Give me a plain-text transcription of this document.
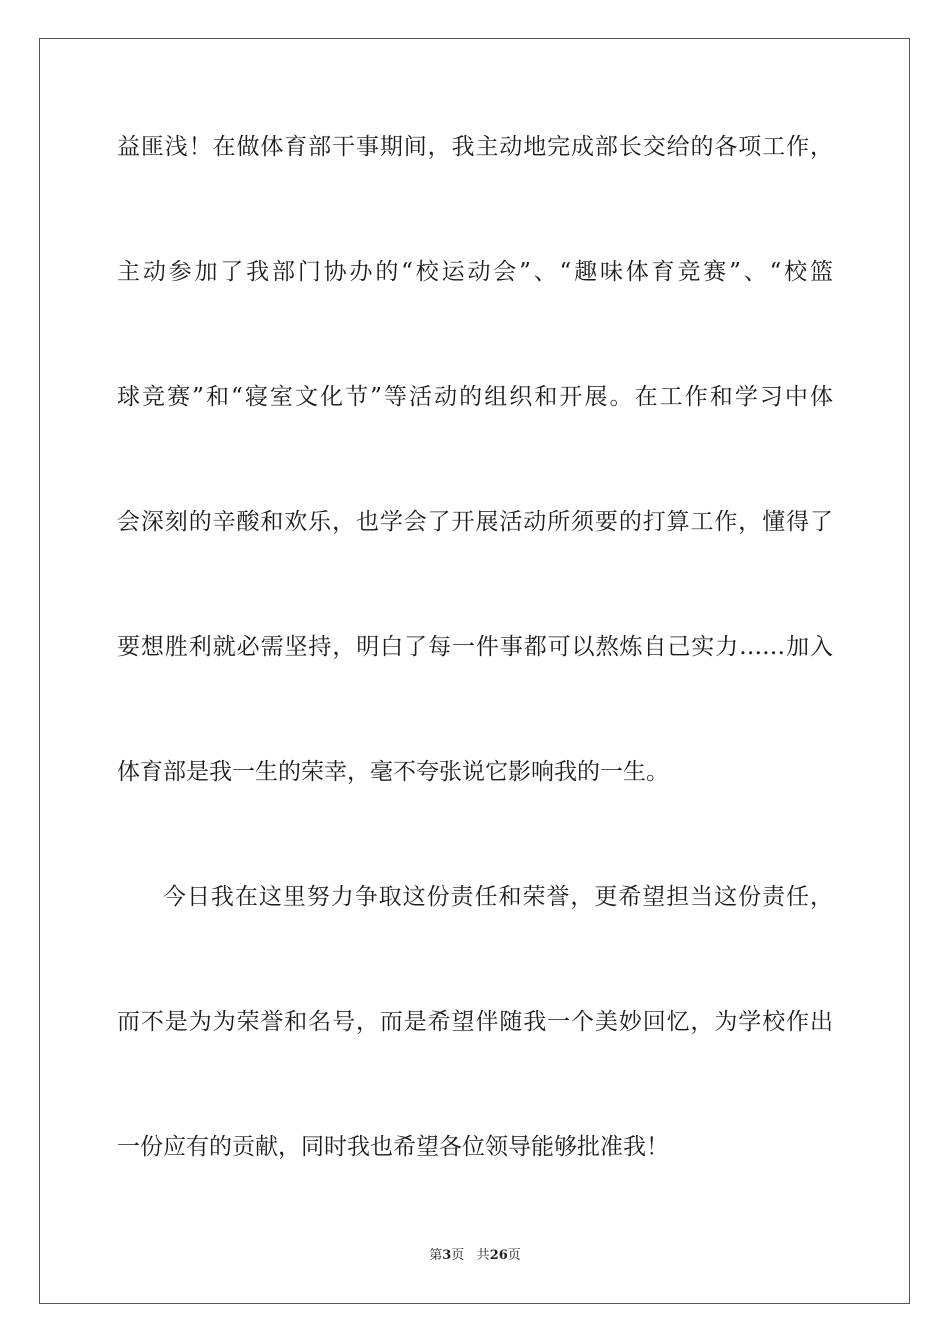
益匪浅！在做体育部干事期间，我主动地完成部长交给的各项工作，
主动参加了我部门协办的“校运动会”、“趣味体育竞赛”、“校篮
球竞赛”和“寝室文化节”等活动的组织和开展。在工作和学习中体
会深刻的辛酸和欢乐，也学会了开展活动所须要的打算工作，懂得了
要想胜利就必需坚持，明白了每一件事都可以熬炼自己实力……加入
体育部是我一生的荣幸，毫不夸张说它影响我的一生。
今日我在这里努力争取这份责任和荣誉，更希望担当这份责任，
而不是为为荣誉和名号，而是希望伴随我一个美妙回忆，为学校作出
一份应有的贡献，同时我也希望各位领导能够批准我！
第3页 共26页
